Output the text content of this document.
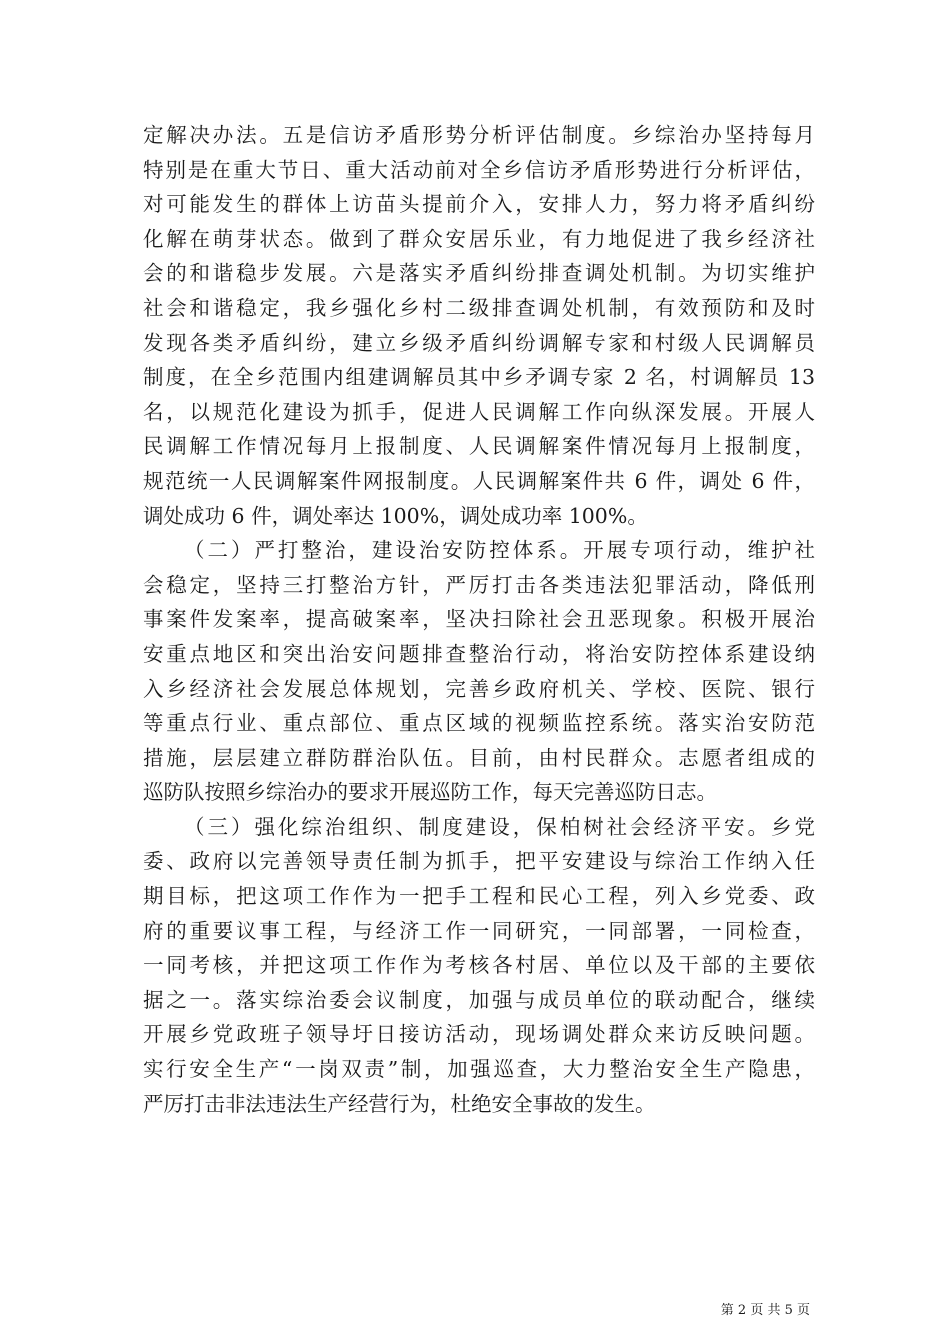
定解决办法。五是信访矛盾形势分析评估制度。乡综治办坚持每月
特别是在重大节日、重大活动前对全乡信访矛盾形势进行分析评估，
对可能发生的群体上访苗头提前介入，安排人力，努力将矛盾纠纷
化解在萌芽状态。做到了群众安居乐业，有力地促进了我乡经济社
会的和谐稳步发展。六是落实矛盾纠纷排查调处机制。为切实维护
社会和谐稳定，我乡强化乡村二级排查调处机制，有效预防和及时
发现各类矛盾纠纷，建立乡级矛盾纠纷调解专家和村级人民调解员
制度，在全乡范围内组建调解员其中乡矛调专家 2 名，村调解员 13
名，以规范化建设为抓手，促进人民调解工作向纵深发展。开展人
民调解工作情况每月上报制度、人民调解案件情况每月上报制度，
规范统一人民调解案件网报制度。人民调解案件共 6 件，调处 6 件，
调处成功 6 件，调处率达 100%，调处成功率 100%。
（二）严打整治，建设治安防控体系。开展专项行动，维护社
会稳定，坚持三打整治方针，严厉打击各类违法犯罪活动，降低刑
事案件发案率，提高破案率，坚决扫除社会丑恶现象。积极开展治
安重点地区和突出治安问题排查整治行动，将治安防控体系建设纳
入乡经济社会发展总体规划，完善乡政府机关、学校、医院、银行
等重点行业、重点部位、重点区域的视频监控系统。落实治安防范
措施，层层建立群防群治队伍。目前，由村民群众。志愿者组成的
巡防队按照乡综治办的要求开展巡防工作，每天完善巡防日志。
（三）强化综治组织、制度建设，保柏树社会经济平安。乡党
委、政府以完善领导责任制为抓手，把平安建设与综治工作纳入任
期目标，把这项工作作为一把手工程和民心工程，列入乡党委、政
府的重要议事工程，与经济工作一同研究，一同部署，一同检查，
一同考核，并把这项工作作为考核各村居、单位以及干部的主要依
据之一。落实综治委会议制度，加强与成员单位的联动配合，继续
开展乡党政班子领导圩日接访活动，现场调处群众来访反映问题。
实行安全生产“一岗双责”制，加强巡查，大力整治安全生产隐患，
严厉打击非法违法生产经营行为，杜绝安全事故的发生。
第 2 页 共 5 页
